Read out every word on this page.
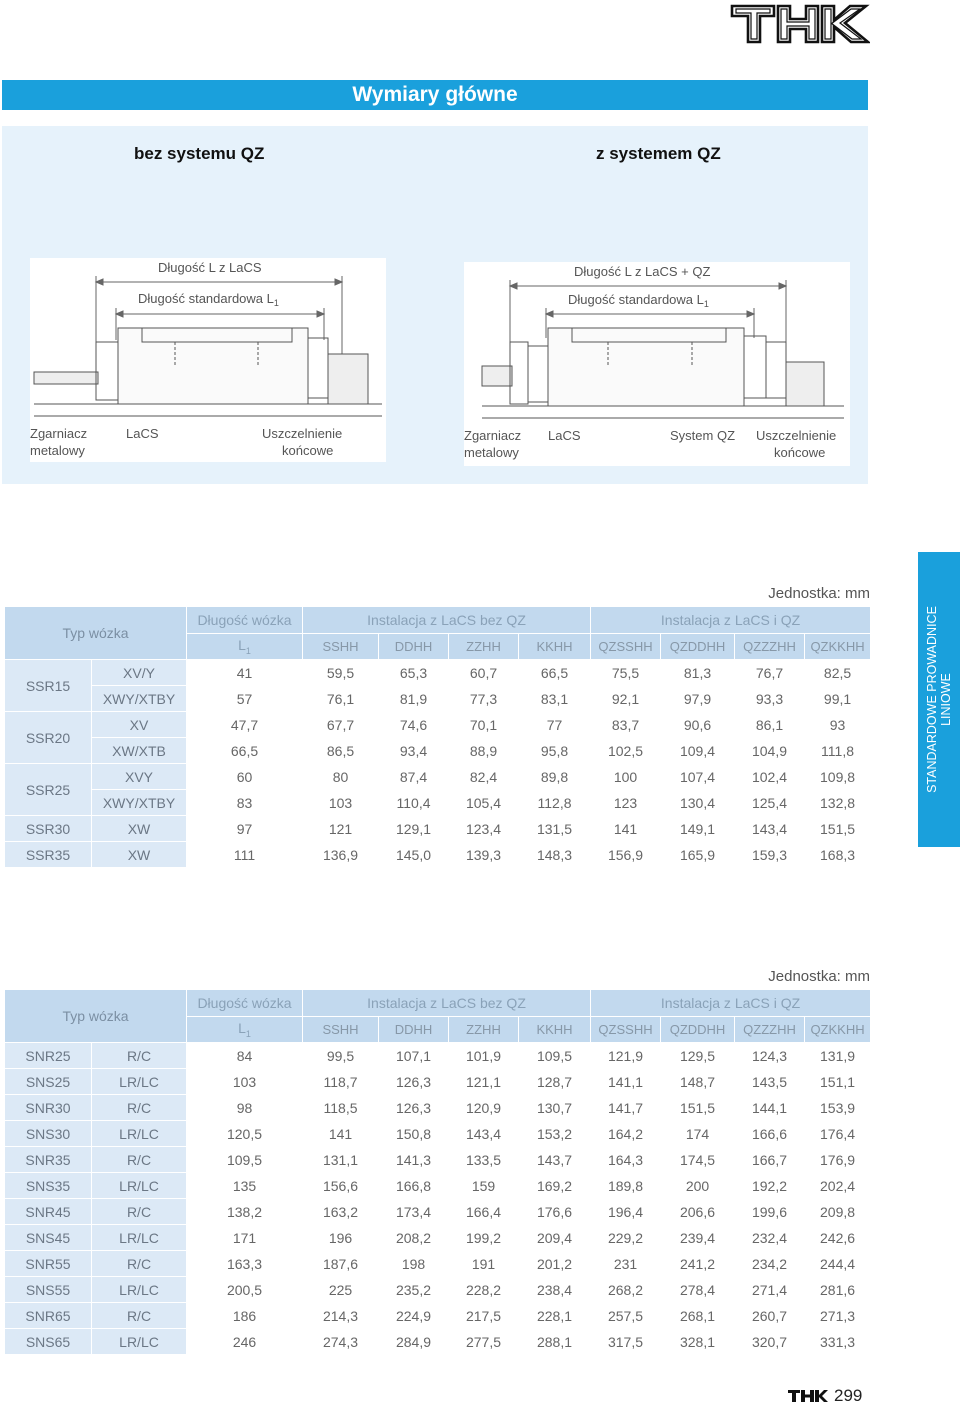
Wymiary główne
bez systemu QZ	z systemem QZ
Długość L z LaCS
Długość standardowa $L_1$
Zgarniacz
metalowy
LaCS	Uszczelnienie
końcowe
Długość L z LaCS + QZ
Długość standardowa $L_1$
Zgarniacz
metalowy
LaCS	System QZ Uszczelnienie
końcowe
STANDARDOWE PROWADNICE LINIOWE
Jednostka: mm
Typ wózka		Długość wózka	Instalacja z LaCS bez QZ				Instalacja z LaCS i QZ			
		$L_1$	SSHH	DDHH	ZZHH	KKHH	QZSSHH	QZDDHH	QZZZHH	QZKKHH
SSR15	XV/Y	41	59,5	65,3	60,7	66,5	75,5	81,3	76,7	82,5
	XWY/XTBY	57	76,1	81,9	77,3	83,1	92,1	97,9	93,3	99,1
SSR20	XV	47,7	67,7	74,6	70,1	77	83,7	90,6	86,1	93
	XW/XTB	66,5	86,5	93,4	88,9	95,8	102,5	109,4	104,9	111,8
SSR25	XVY	60	80	87,4	82,4	89,8	100	107,4	102,4	109,8
	XWY/XTBY	83	103	110,4	105,4	112,8	123	130,4	125,4	132,8
SSR30	XW	97	121	129,1	123,4	131,5	141	149,1	143,4	151,5
SSR35	XW	111	136,9	145,0	139,3	148,3	156,9	165,9	159,3	168,3
Jednostka: mm
Typ wózka		Długość wózka	Instalacja z LaCS bez QZ				Instalacja z LaCS i QZ			
		$L_1$	SSHH	DDHH	ZZHH	KKHH	QZSSHH	QZDDHH	QZZZHH	QZKKHH
SNR25	R/C	84	99,5	107,1	101,9	109,5	121,9	129,5	124,3	131,9
SNS25	LR/LC	103	118,7	126,3	121,1	128,7	141,1	148,7	143,5	151,1
SNR30	R/C	98	118,5	126,3	120,9	130,7	141,7	151,5	144,1	153,9
SNS30	LR/LC	120,5	141	150,8	143,4	153,2	164,2	174	166,6	176,4
SNR35	R/C	109,5	131,1	141,3	133,5	143,7	164,3	174,5	166,7	176,9
SNS35	LR/LC	135	156,6	166,8	159	169,2	189,8	200	192,2	202,4
SNR45	R/C	138,2	163,2	173,4	166,4	176,6	196,4	206,6	199,6	209,8
SNS45	LR/LC	171	196	208,2	199,2	209,4	229,2	239,4	232,4	242,6
SNR55	R/C	163,3	187,6	198	191	201,2	231	241,2	234,2	244,4
SNS55	LR/LC	200,5	225	235,2	228,2	238,4	268,2	278,4	271,4	281,6
SNR65	R/C	186	214,3	224,9	217,5	228,1	257,5	268,1	260,7	271,3
SNS65	LR/LC	246	274,3	284,9	277,5	288,1	317,5	328,1	320,7	331,3
299
